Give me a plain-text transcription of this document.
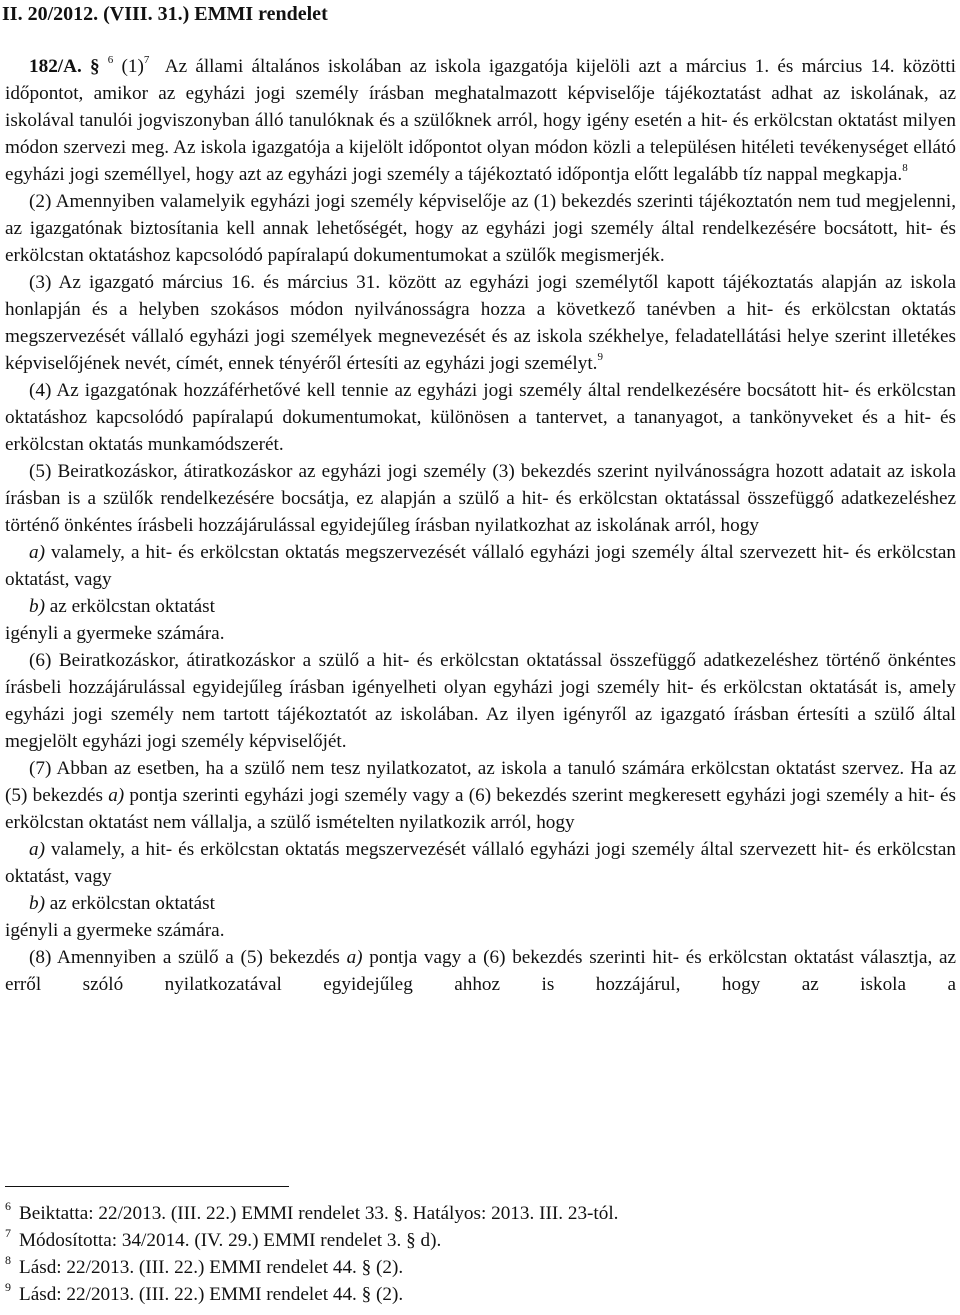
II. 20/2012. (VIII. 31.) EMMI rendelet

182/A. § $^6$ $(1)^7$ Az állami általános iskolában az iskola igazgatója kijelöli azt a március 1. és március 14. közötti időpontot, amikor az egyházi jogi személy írásban meghatalmazott képviselője tájékoztatást adhat az iskolának, az iskolával tanulói jogviszonyban álló tanulóknak és a szülőknek arról, hogy igény esetén a hit- és erkölcstan oktatást milyen módon szervezi meg. Az iskola igazgatója a kijelölt időpontot olyan módon közli a településen hitéleti tevékenységet ellátó egyházi jogi személlyel, hogy azt az egyházi jogi személy a tájékoztató időpontja előtt legalább tíz nappal megkapja.$^8$

(2) Amennyiben valamelyik egyházi jogi személy képviselője az (1) bekezdés szerinti tájékoztatón nem tud megjelenni, az igazgatónak biztosítania kell annak lehetőségét, hogy az egyházi jogi személy által rendelkezésére bocsátott, hit- és erkölcstan oktatáshoz kapcsolódó papíralapú dokumentumokat a szülők megismerjék.

(3) Az igazgató március 16. és március 31. között az egyházi jogi személytől kapott tájékoztatás alapján az iskola honlapján és a helyben szokásos módon nyilvánosságra hozza a következő tanévben a hit- és erkölcstan oktatás megszervezését vállaló egyházi jogi személyek megnevezését és az iskola székhelye, feladatellátási helye szerint illetékes képviselőjének nevét, címét, ennek tényéről értesíti az egyházi jogi személyt.$^9$

(4) Az igazgatónak hozzáférhetővé kell tennie az egyházi jogi személy által rendelkezésére bocsátott hit- és erkölcstan oktatáshoz kapcsolódó papíralapú dokumentumokat, különösen a tantervet, a tananyagot, a tankönyveket és a hit- és erkölcstan oktatás munkamódszerét.

(5) Beiratkozáskor, átiratkozáskor az egyházi jogi személy (3) bekezdés szerint nyilvánosságra hozott adatait az iskola írásban is a szülők rendelkezésére bocsátja, ez alapján a szülő a hit- és erkölcstan oktatással összefüggő adatkezeléshez történő önkéntes írásbeli hozzájárulással egyidejűleg írásban nyilatkozhat az iskolának arról, hogy

a) valamely, a hit- és erkölcstan oktatás megszervezését vállaló egyházi jogi személy által szervezett hit- és erkölcstan oktatást, vagy

b) az erkölcstan oktatást

igényli a gyermeke számára.

(6) Beiratkozáskor, átiratkozáskor a szülő a hit- és erkölcstan oktatással összefüggő adatkezeléshez történő önkéntes írásbeli hozzájárulással egyidejűleg írásban igényelheti olyan egyházi jogi személy hit- és erkölcstan oktatását is, amely egyházi jogi személy nem tartott tájékoztatót az iskolában. Az ilyen igényről az igazgató írásban értesíti a szülő által megjelölt egyházi jogi személy képviselőjét.

(7) Abban az esetben, ha a szülő nem tesz nyilatkozatot, az iskola a tanuló számára erkölcstan oktatást szervez. Ha az (5) bekezdés a) pontja szerinti egyházi jogi személy vagy a (6) bekezdés szerint megkeresett egyházi jogi személy a hit- és erkölcstan oktatást nem vállalja, a szülő ismételten nyilatkozik arról, hogy

a) valamely, a hit- és erkölcstan oktatás megszervezését vállaló egyházi jogi személy által szervezett hit- és erkölcstan oktatást, vagy

b) az erkölcstan oktatást

igényli a gyermeke számára.

(8) Amennyiben a szülő a (5) bekezdés a) pontja vagy a (6) bekezdés szerinti hit- és erkölcstan oktatást választja, az erről szóló nyilatkozatával egyidejűleg ahhoz is hozzájárul, hogy az iskola a

$^6$ Beiktatta: 22/2013. (III. 22.) EMMI rendelet 33. §. Hatályos: 2013. III. 23-tól.
$^7$ Módosította: 34/2014. (IV. 29.) EMMI rendelet 3. § d).
$^8$ Lásd: 22/2013. (III. 22.) EMMI rendelet 44. § (2).
$^9$ Lásd: 22/2013. (III. 22.) EMMI rendelet 44. § (2).
